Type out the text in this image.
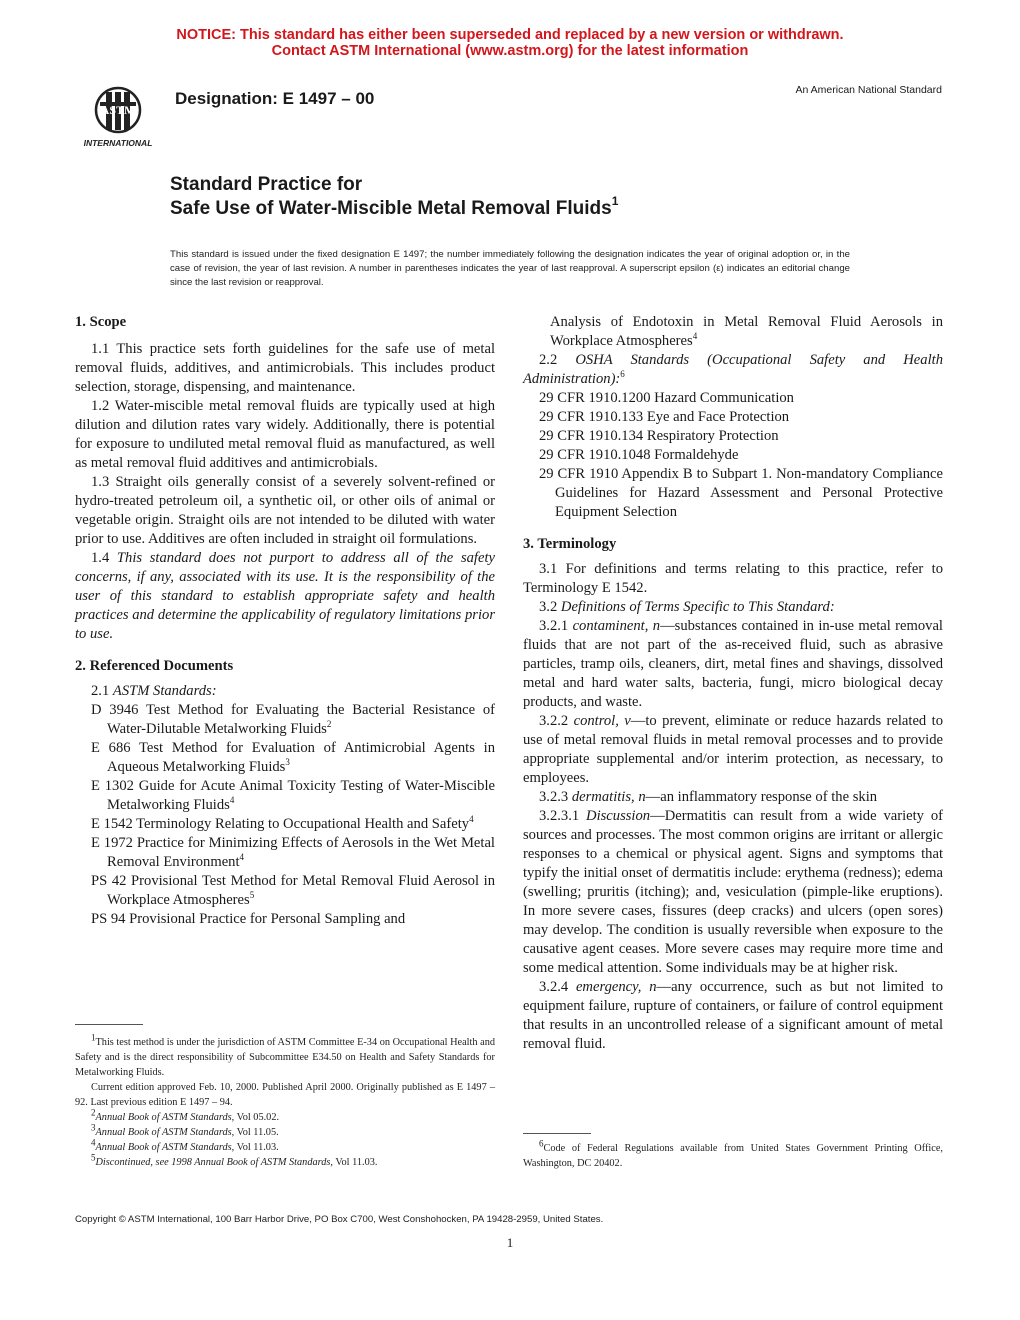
NOTICE: This standard has either been superseded and replaced by a new version or withdrawn.
Contact ASTM International (www.astm.org) for the latest information
ASTM
INTERNATIONAL
Designation: E 1497 – 00	An American National Standard
Standard Practice for
Safe Use of Water-Miscible Metal Removal Fluids$^1$
This standard is issued under the fixed designation E 1497; the number immediately following the designation indicates the year of original adoption or, in the case of revision, the year of last revision. A number in parentheses indicates the year of last reapproval. A superscript epsilon (ε) indicates an editorial change since the last revision or reapproval.
1. Scope

1.1 This practice sets forth guidelines for the safe use of metal removal fluids, additives, and antimicrobials. This includes product selection, storage, dispensing, and maintenance.

1.2 Water-miscible metal removal fluids are typically used at high dilution and dilution rates vary widely. Additionally, there is potential for exposure to undiluted metal removal fluid as manufactured, as well as metal removal fluid additives and antimicrobials.

1.3 Straight oils generally consist of a severely solvent-refined or hydro-treated petroleum oil, a synthetic oil, or other oils of animal or vegetable origin. Straight oils are not intended to be diluted with water prior to use. Additives are often included in straight oil formulations.

1.4 This standard does not purport to address all of the safety concerns, if any, associated with its use. It is the responsibility of the user of this standard to establish appropriate safety and health practices and determine the applicability of regulatory limitations prior to use.

2. Referenced Documents

2.1 ASTM Standards:

D 3946 Test Method for Evaluating the Bacterial Resistance of Water-Dilutable Metalworking Fluids$^2$

E 686 Test Method for Evaluation of Antimicrobial Agents in Aqueous Metalworking Fluids$^3$

E 1302 Guide for Acute Animal Toxicity Testing of Water-Miscible Metalworking Fluids$^4$

E 1542 Terminology Relating to Occupational Health and Safety$^4$

E 1972 Practice for Minimizing Effects of Aerosols in the Wet Metal Removal Environment$^4$

PS 42 Provisional Test Method for Metal Removal Fluid Aerosol in Workplace Atmospheres$^5$

PS 94 Provisional Practice for Personal Sampling and

$^1$This test method is under the jurisdiction of ASTM Committee E-34 on Occupational Health and Safety and is the direct responsibility of Subcommittee E34.50 on Health and Safety Standards for Metalworking Fluids.

Current edition approved Feb. 10, 2000. Published April 2000. Originally published as E 1497 – 92. Last previous edition E 1497 – 94.

$^2$Annual Book of ASTM Standards, Vol 05.02.

$^3$Annual Book of ASTM Standards, Vol 11.05.

$^4$Annual Book of ASTM Standards, Vol 11.03.

$^5$Discontinued, see 1998 Annual Book of ASTM Standards, Vol 11.03.

Analysis of Endotoxin in Metal Removal Fluid Aerosols in Workplace Atmospheres$^4$

2.2 OSHA Standards (Occupational Safety and Health Administration):$^6$

29 CFR 1910.1200 Hazard Communication

29 CFR 1910.133 Eye and Face Protection

29 CFR 1910.134 Respiratory Protection

29 CFR 1910.1048 Formaldehyde

29 CFR 1910 Appendix B to Subpart 1. Non-mandatory Compliance Guidelines for Hazard Assessment and Personal Protective Equipment Selection

3. Terminology

3.1 For definitions and terms relating to this practice, refer to Terminology E 1542.

3.2 Definitions of Terms Specific to This Standard:

3.2.1 contaminent, n—substances contained in in-use metal removal fluids that are not part of the as-received fluid, such as abrasive particles, tramp oils, cleaners, dirt, metal fines and shavings, dissolved metal and hard water salts, bacteria, fungi, micro biological decay products, and waste.

3.2.2 control, v—to prevent, eliminate or reduce hazards related to use of metal removal fluids in metal removal processes and to provide appropriate supplemental and/or interim protection, as necessary, to employees.

3.2.3 dermatitis, n—an inflammatory response of the skin

3.2.3.1 Discussion—Dermatitis can result from a wide variety of sources and processes. The most common origins are irritant or allergic responses to a chemical or physical agent. Signs and symptoms that typify the initial onset of dermatitis include: erythema (redness); edema (swelling; pruritis (itching); and, vesiculation (pimple-like eruptions). In more severe cases, fissures (deep cracks) and ulcers (open sores) may develop. The condition is usually reversible when exposure to the causative agent ceases. More severe cases may require more time and some medical attention. Some individuals may be at higher risk.

3.2.4 emergency, n—any occurrence, such as but not limited to equipment failure, rupture of containers, or failure of control equipment that results in an uncontrolled release of a significant amount of metal removal fluid.

$^6$Code of Federal Regulations available from United States Government Printing Office, Washington, DC 20402.

Copyright © ASTM International, 100 Barr Harbor Drive, PO Box C700, West Conshohocken, PA 19428-2959, United States.
1
